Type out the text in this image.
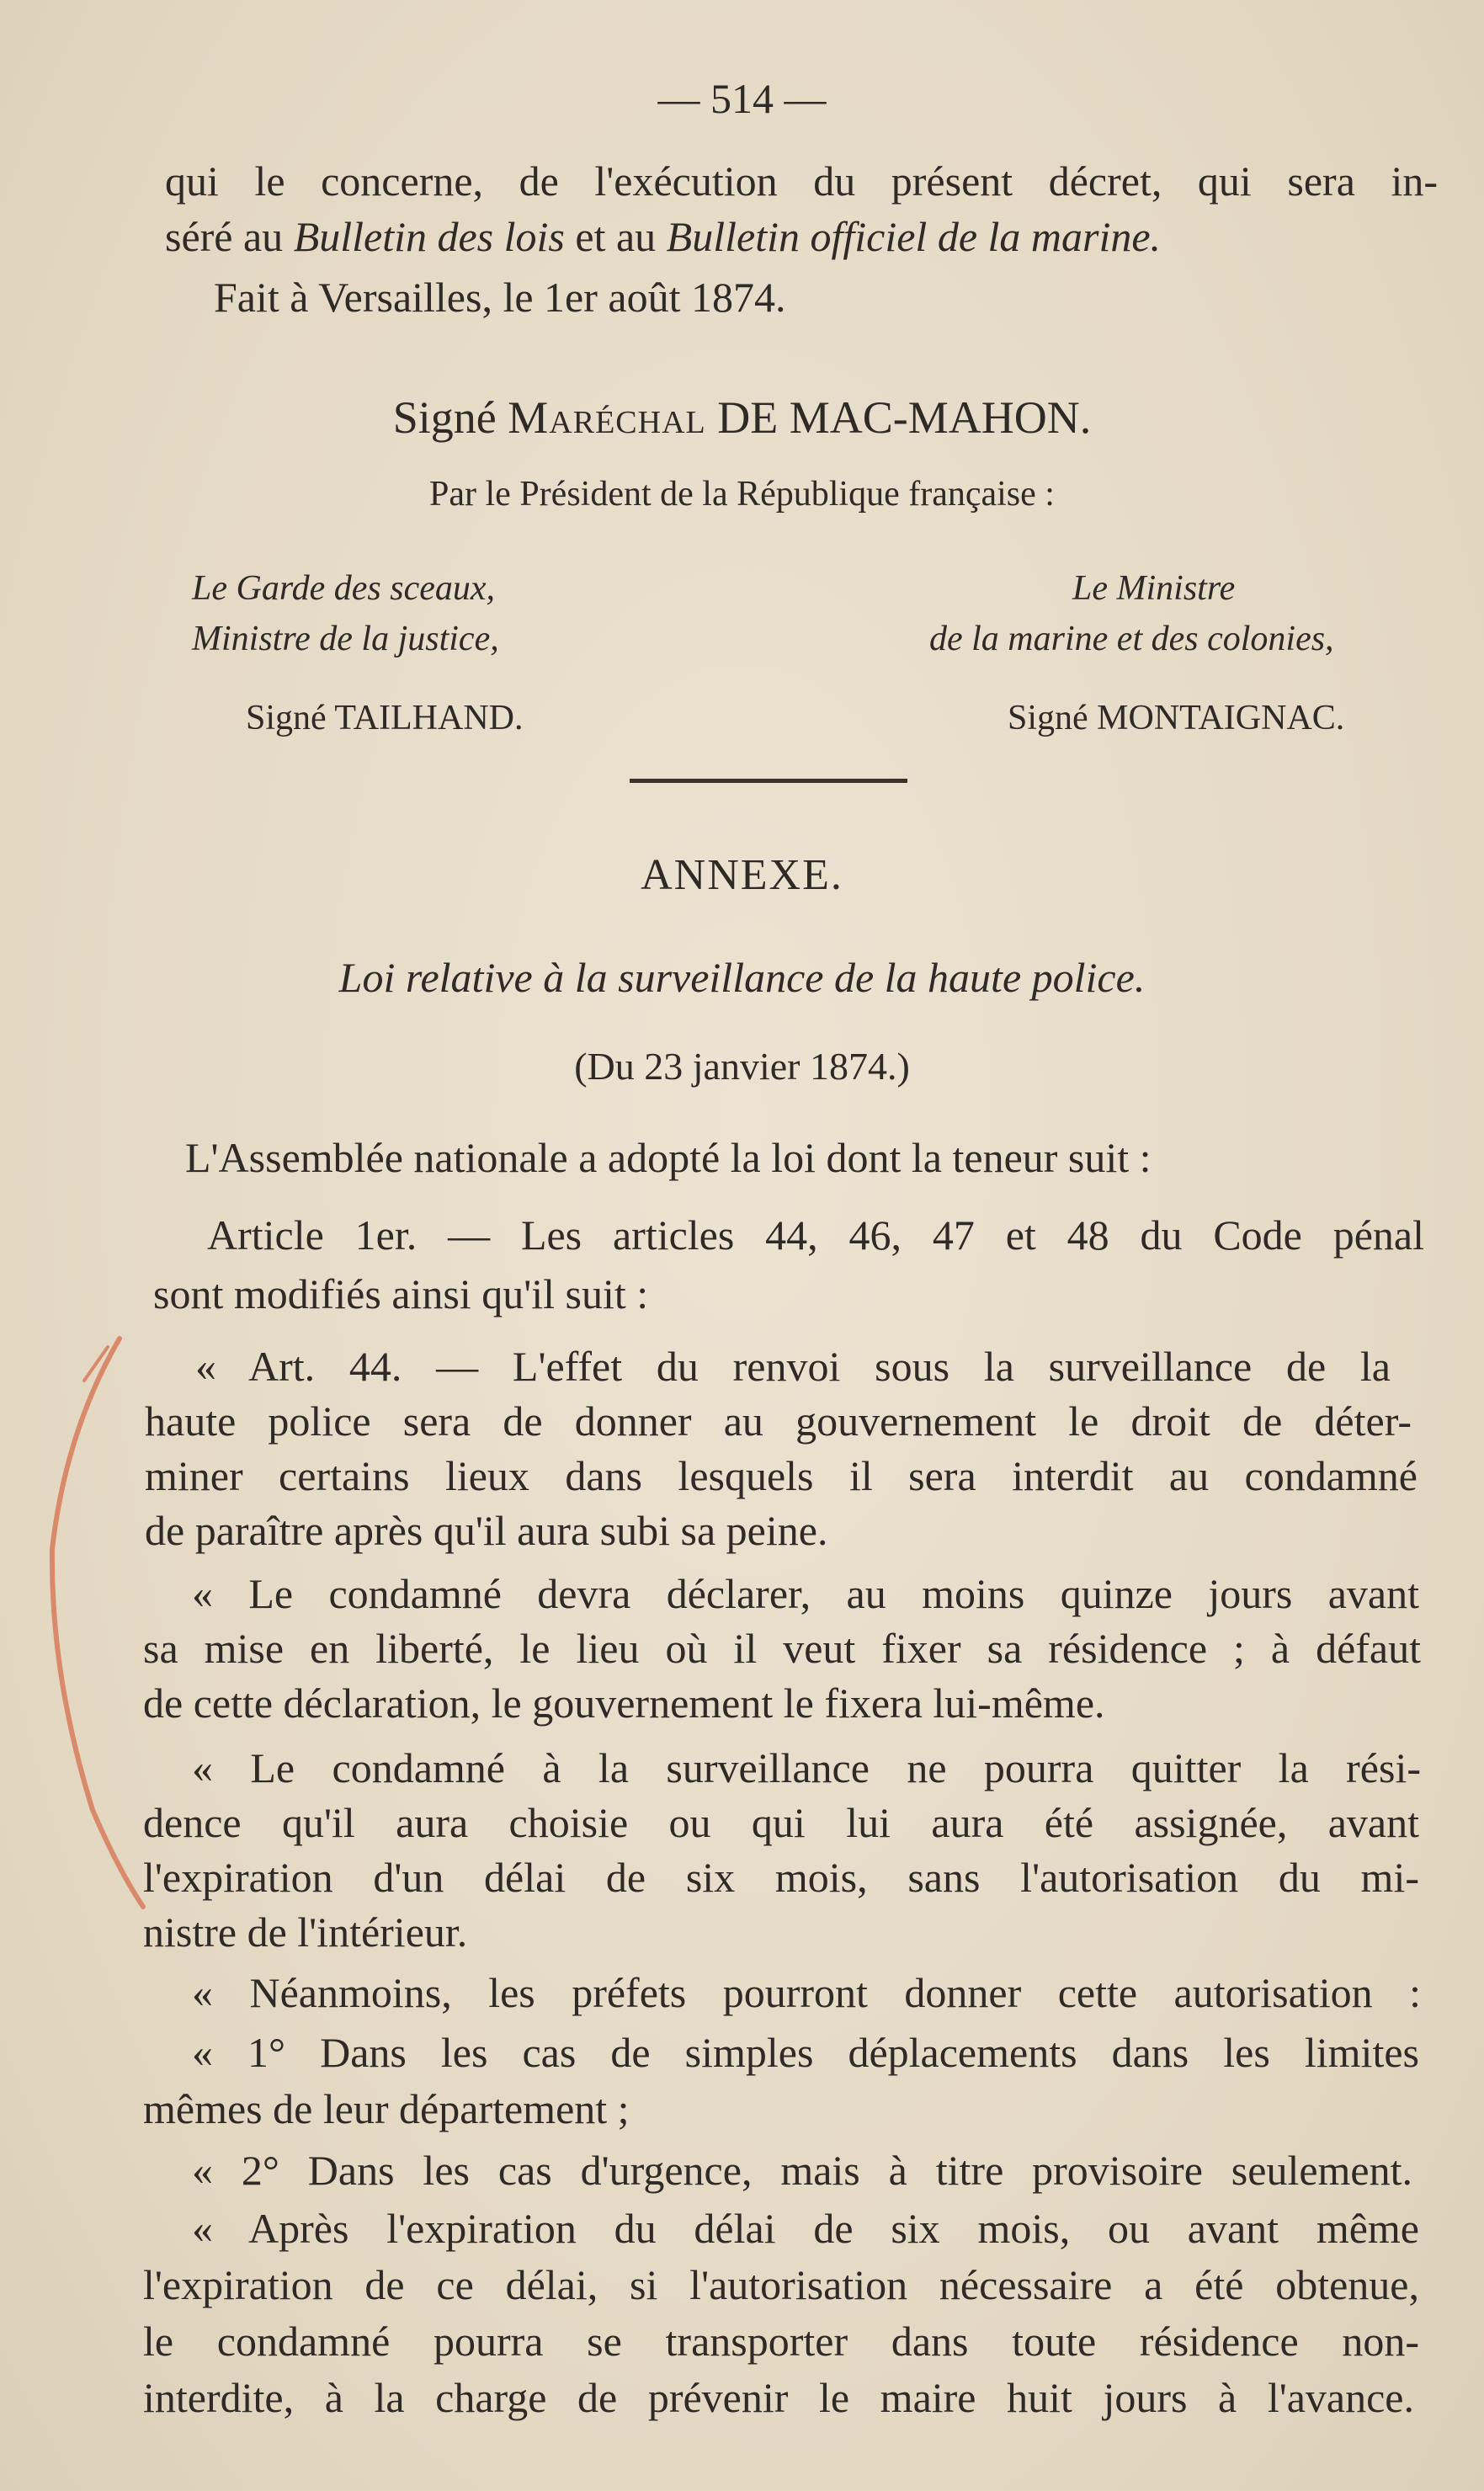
— 514 —
qui le concerne, de l'exécution du présent décret, qui sera in-
séré au Bulletin des lois et au Bulletin officiel de la marine.
Fait à Versailles, le 1er août 1874.
Signé Maréchal DE MAC-MAHON.
Par le Président de la République française :
Le Garde des sceaux,
Ministre de la justice,
Signé TAILHAND.
Le Ministre
de la marine et des colonies,
Signé MONTAIGNAC.
ANNEXE.
Loi relative à la surveillance de la haute police.
(Du 23 janvier 1874.)
L'Assemblée nationale a adopté la loi dont la teneur suit :
Article 1er. — Les articles 44, 46, 47 et 48 du Code pénal
sont modifiés ainsi qu'il suit :
« Art. 44. — L'effet du renvoi sous la surveillance de la
haute police sera de donner au gouvernement le droit de déter-
miner certains lieux dans lesquels il sera interdit au condamné
de paraître après qu'il aura subi sa peine.
« Le condamné devra déclarer, au moins quinze jours avant
sa mise en liberté, le lieu où il veut fixer sa résidence ; à défaut
de cette déclaration, le gouvernement le fixera lui-même.
« Le condamné à la surveillance ne pourra quitter la rési-
dence qu'il aura choisie ou qui lui aura été assignée, avant
l'expiration d'un délai de six mois, sans l'autorisation du mi-
nistre de l'intérieur.
« Néanmoins, les préfets pourront donner cette autorisation :
« 1° Dans les cas de simples déplacements dans les limites
mêmes de leur département ;
« 2° Dans les cas d'urgence, mais à titre provisoire seulement.
« Après l'expiration du délai de six mois, ou avant même
l'expiration de ce délai, si l'autorisation nécessaire a été obtenue,
le condamné pourra se transporter dans toute résidence non-
interdite, à la charge de prévenir le maire huit jours à l'avance.
